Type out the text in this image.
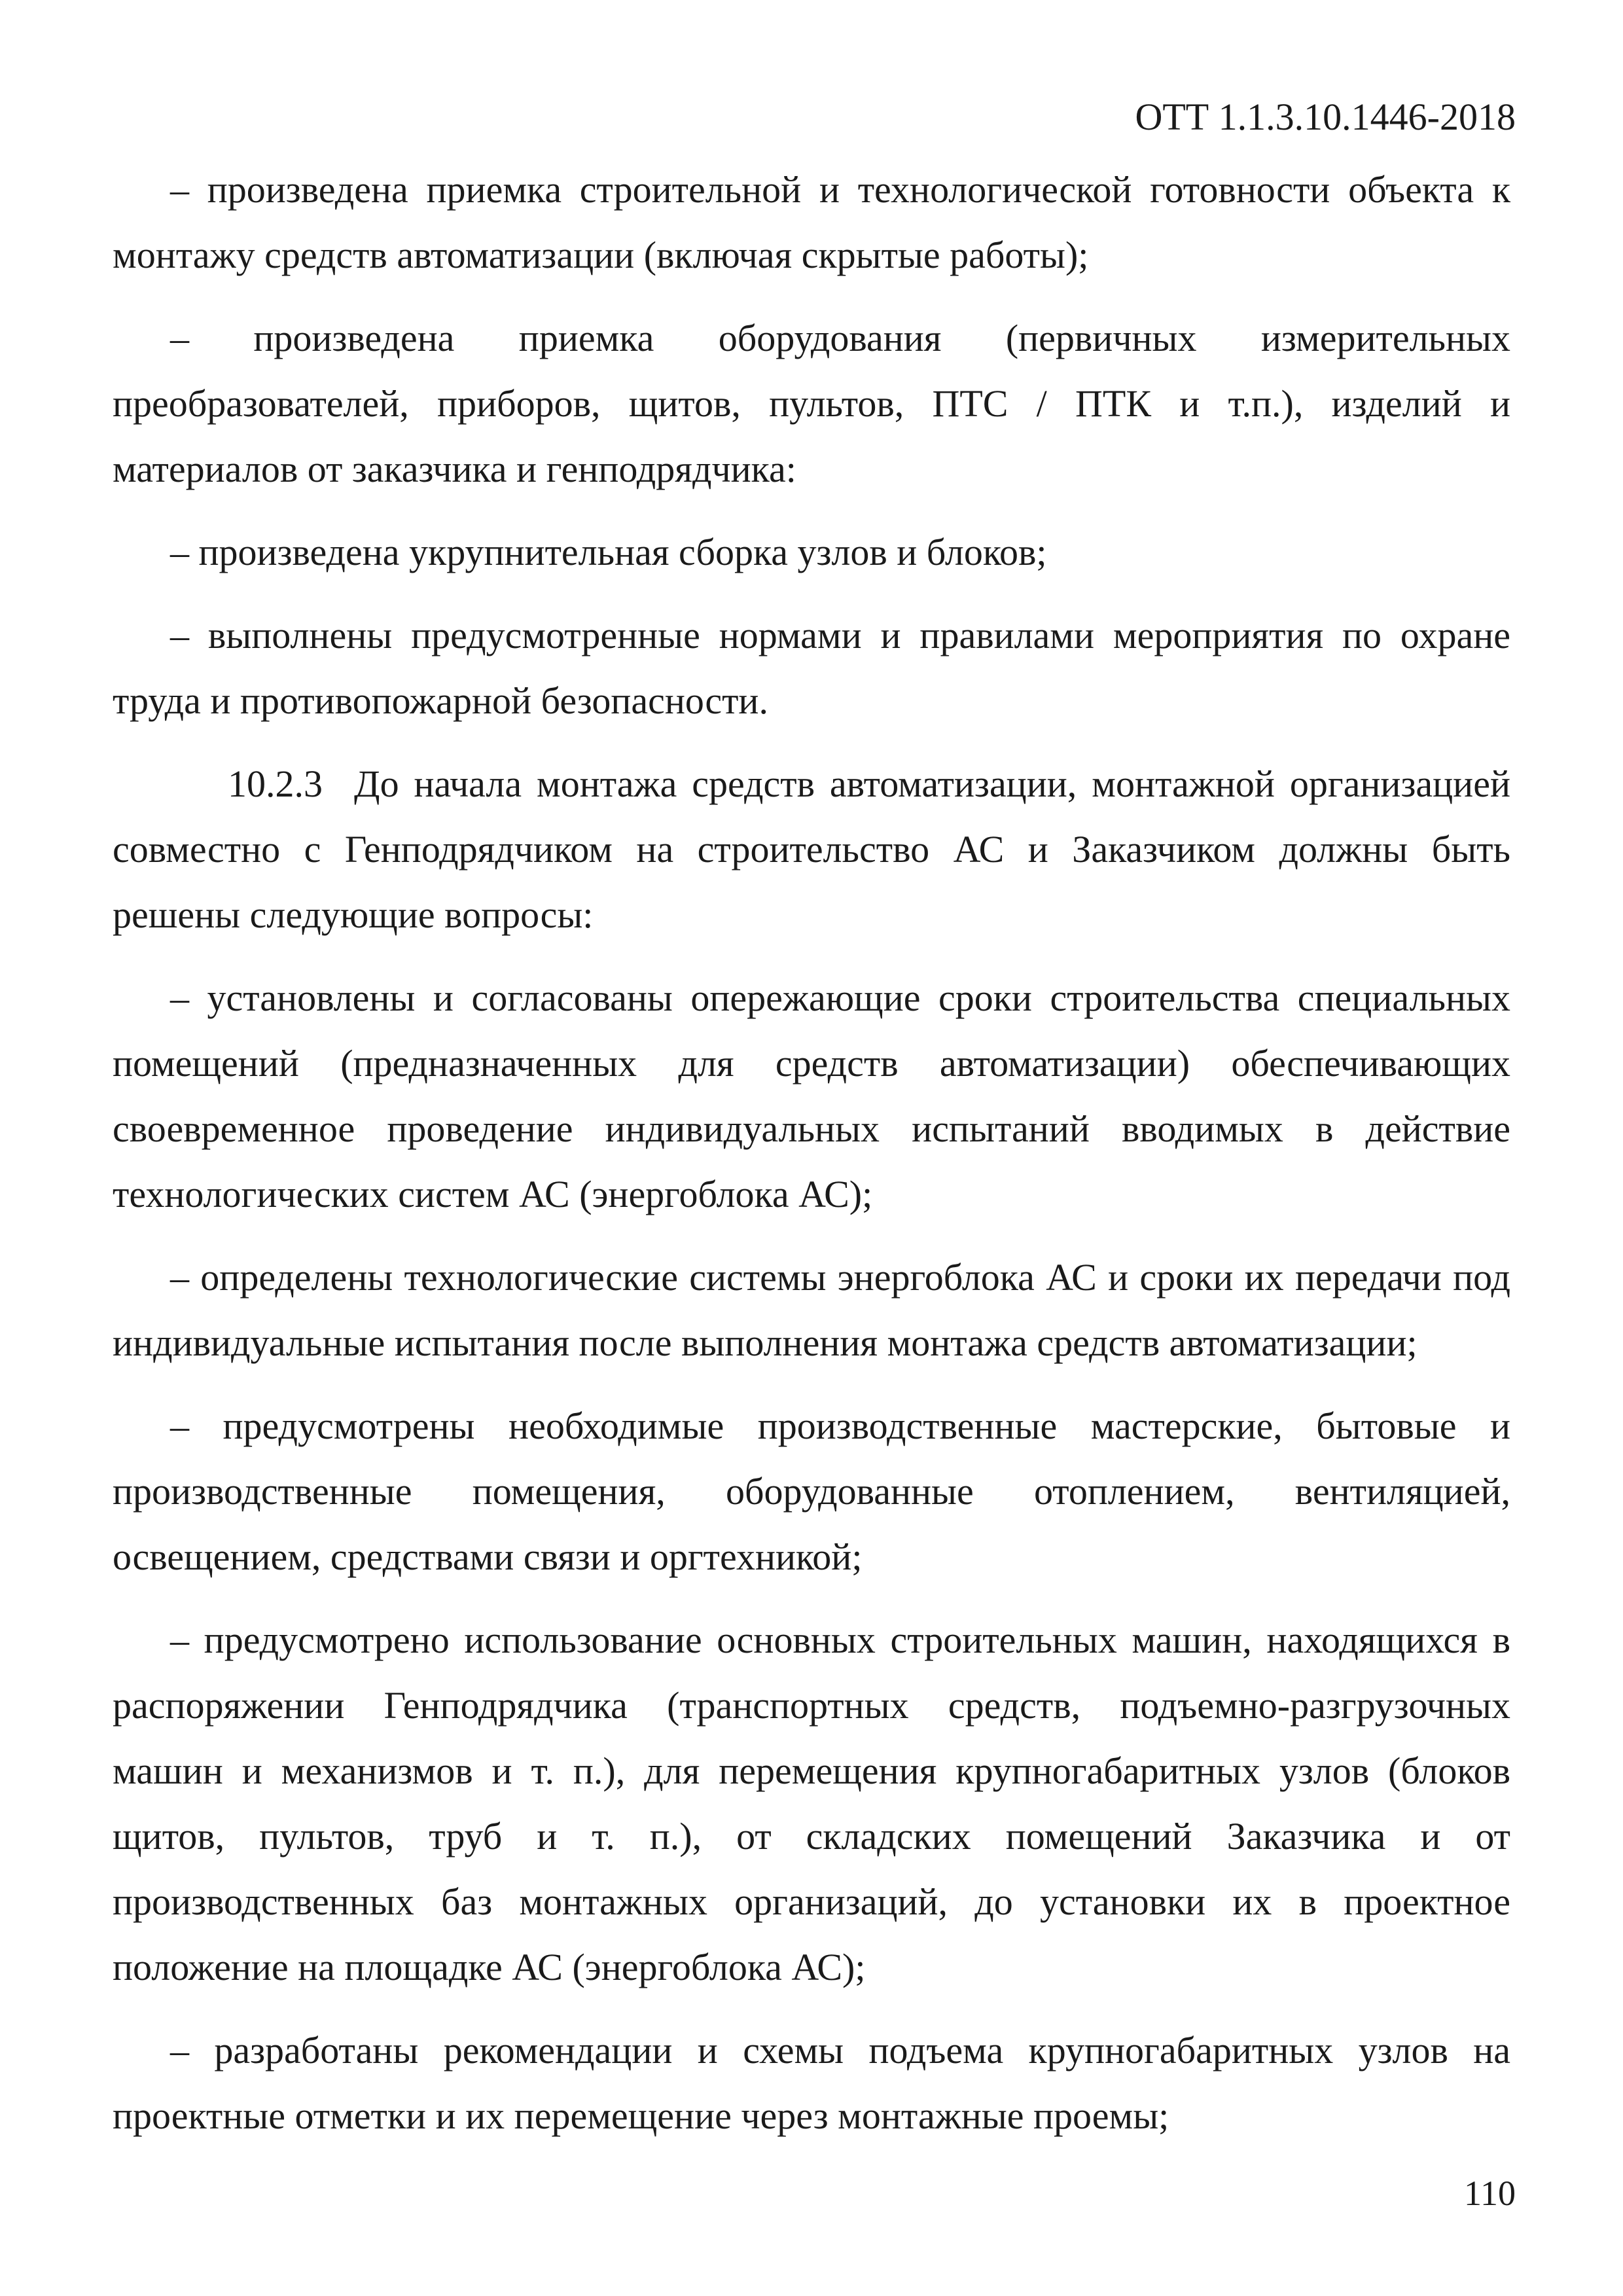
ОТТ 1.1.3.10.1446-2018

– произведена приемка строительной и технологической готовности объекта к монтажу средств автоматизации (включая скрытые работы);

– произведена приемка оборудования (первичных измерительных преобразователей, приборов, щитов, пультов, ПТС / ПТК и т.п.), изделий и материалов от заказчика и генподрядчика:

– произведена укрупнительная сборка узлов и блоков;

– выполнены предусмотренные нормами и правилами мероприятия по охране труда и противопожарной безопасности.

10.2.3 До начала монтажа средств автоматизации, монтажной организацией совместно с Генподрядчиком на строительство АС и Заказчиком должны быть решены следующие вопросы:

– установлены и согласованы опережающие сроки строительства специальных помещений (предназначенных для средств автоматизации) обеспечивающих своевременное проведение индивидуальных испытаний вводимых в действие технологических систем АС (энергоблока АС);

– определены технологические системы энергоблока АС и сроки их передачи под индивидуальные испытания после выполнения монтажа средств автоматизации;

– предусмотрены необходимые производственные мастерские, бытовые и производственные помещения, оборудованные отоплением, вентиляцией, освещением, средствами связи и оргтехникой;

– предусмотрено использование основных строительных машин, находящихся в распоряжении Генподрядчика (транспортных средств, подъемно-разгрузочных машин и механизмов и т. п.), для перемещения крупногабаритных узлов (блоков щитов, пультов, труб и т. п.), от складских помещений Заказчика и от производственных баз монтажных организаций, до установки их в проектное положение на площадке АС (энергоблока АС);

– разработаны рекомендации и схемы подъема крупногабаритных узлов на проектные отметки и их перемещение через монтажные проемы;

110
